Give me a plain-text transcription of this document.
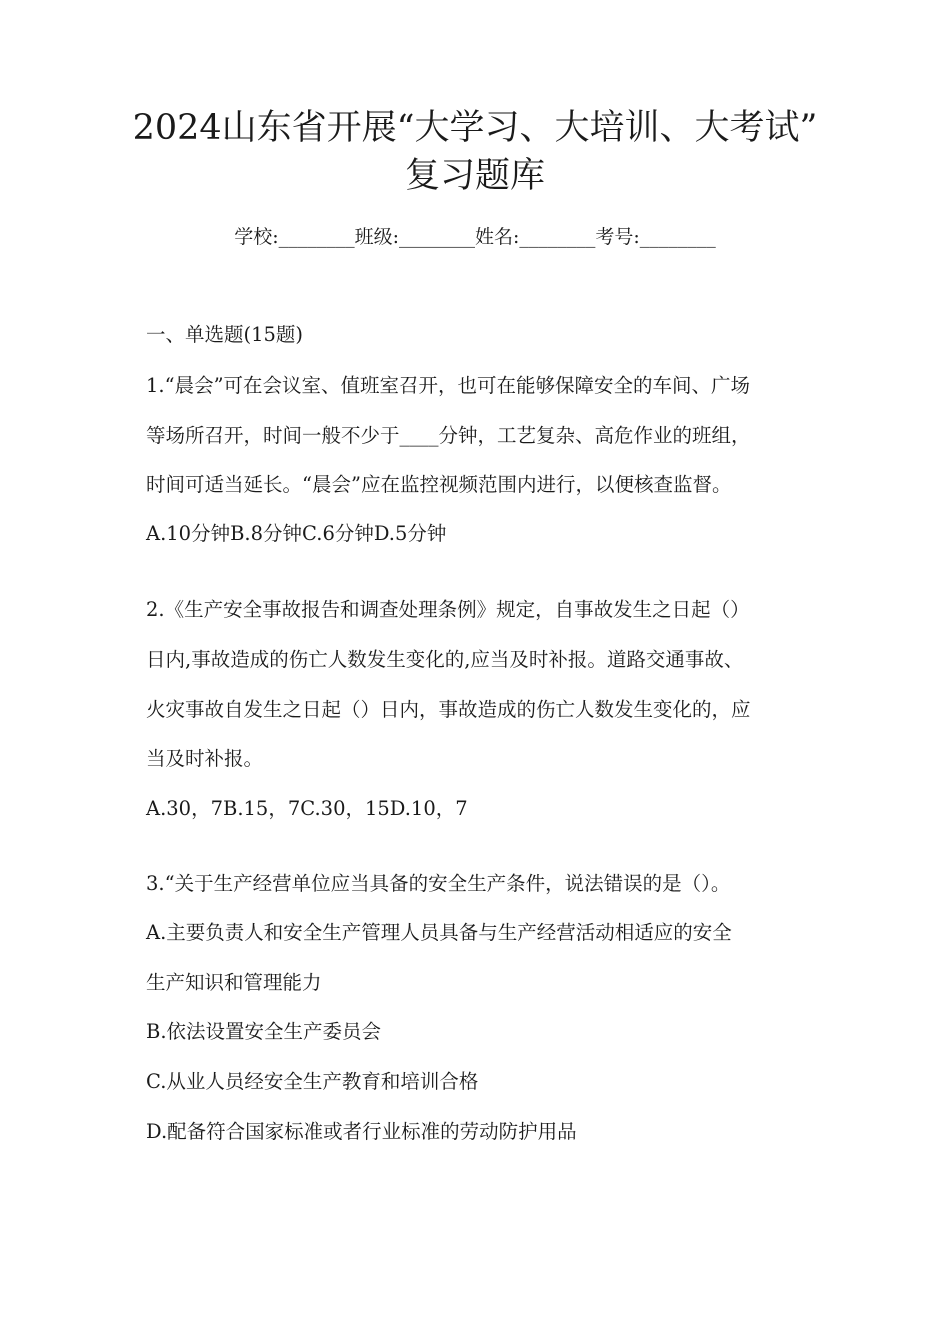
2024山东省开展“大学习、大培训、大考试”
复习题库
学校:________班级:________姓名:________考号:________
一、单选题(15题)
1.“晨会”可在会议室、值班室召开，也可在能够保障安全的车间、广场
等场所召开，时间一般不少于____分钟，工艺复杂、高危作业的班组，
时间可适当延长。“晨会”应在监控视频范围内进行，以便核查监督。
A.10分钟B.8分钟C.6分钟D.5分钟
2.《生产安全事故报告和调查处理条例》规定，自事故发生之日起（）
日内,事故造成的伤亡人数发生变化的,应当及时补报。道路交通事故、
火灾事故自发生之日起（）日内，事故造成的伤亡人数发生变化的，应
当及时补报。
A.30，7B.15，7C.30，15D.10，7
3.“关于生产经营单位应当具备的安全生产条件，说法错误的是（）。
A.主要负责人和安全生产管理人员具备与生产经营活动相适应的安全
生产知识和管理能力
B.依法设置安全生产委员会
C.从业人员经安全生产教育和培训合格
D.配备符合国家标准或者行业标准的劳动防护用品
